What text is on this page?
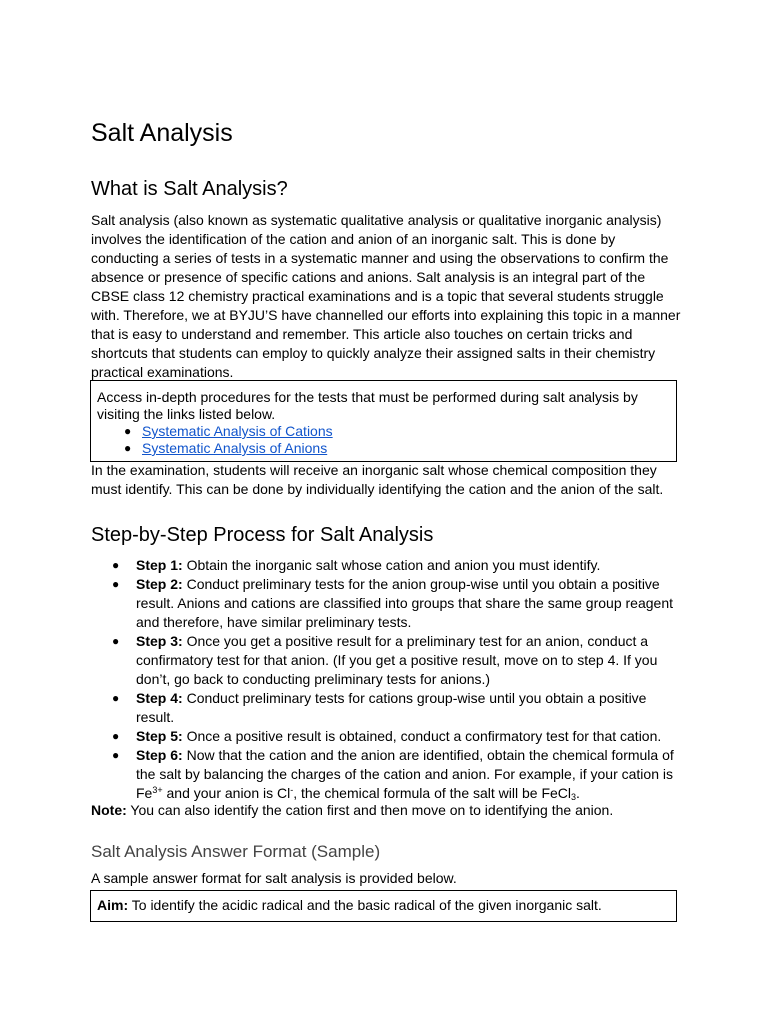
Salt Analysis
What is Salt Analysis?
Salt analysis (also known as systematic qualitative analysis or qualitative inorganic analysis)
involves the identification of the cation and anion of an inorganic salt. This is done by
conducting a series of tests in a systematic manner and using the observations to confirm the
absence or presence of specific cations and anions. Salt analysis is an integral part of the
CBSE class 12 chemistry practical examinations and is a topic that several students struggle
with. Therefore, we at BYJU’S have channelled our efforts into explaining this topic in a manner
that is easy to understand and remember. This article also touches on certain tricks and
shortcuts that students can employ to quickly analyze their assigned salts in their chemistry
practical examinations.
Access in-depth procedures for the tests that must be performed during salt analysis by
visiting the links listed below.
● Systematic Analysis of Cations
● Systematic Analysis of Anions
In the examination, students will receive an inorganic salt whose chemical composition they
must identify. This can be done by individually identifying the cation and the anion of the salt.
Step-by-Step Process for Salt Analysis
● Step 1: Obtain the inorganic salt whose cation and anion you must identify.
● Step 2: Conduct preliminary tests for the anion group-wise until you obtain a positive
result. Anions and cations are classified into groups that share the same group reagent
and therefore, have similar preliminary tests.
● Step 3: Once you get a positive result for a preliminary test for an anion, conduct a
confirmatory test for that anion. (If you get a positive result, move on to step 4. If you
don’t, go back to conducting preliminary tests for anions.)
● Step 4: Conduct preliminary tests for cations group-wise until you obtain a positive
result.
● Step 5: Once a positive result is obtained, conduct a confirmatory test for that cation.
● Step 6: Now that the cation and the anion are identified, obtain the chemical formula of
the salt by balancing the charges of the cation and anion. For example, if your cation is
$Fe^{3+}$ and your anion is Cl-, the chemical formula of the salt will be FeCl$_3$.
Note: You can also identify the cation first and then move on to identifying the anion.
Salt Analysis Answer Format (Sample)
A sample answer format for salt analysis is provided below.
Aim: To identify the acidic radical and the basic radical of the given inorganic salt.
